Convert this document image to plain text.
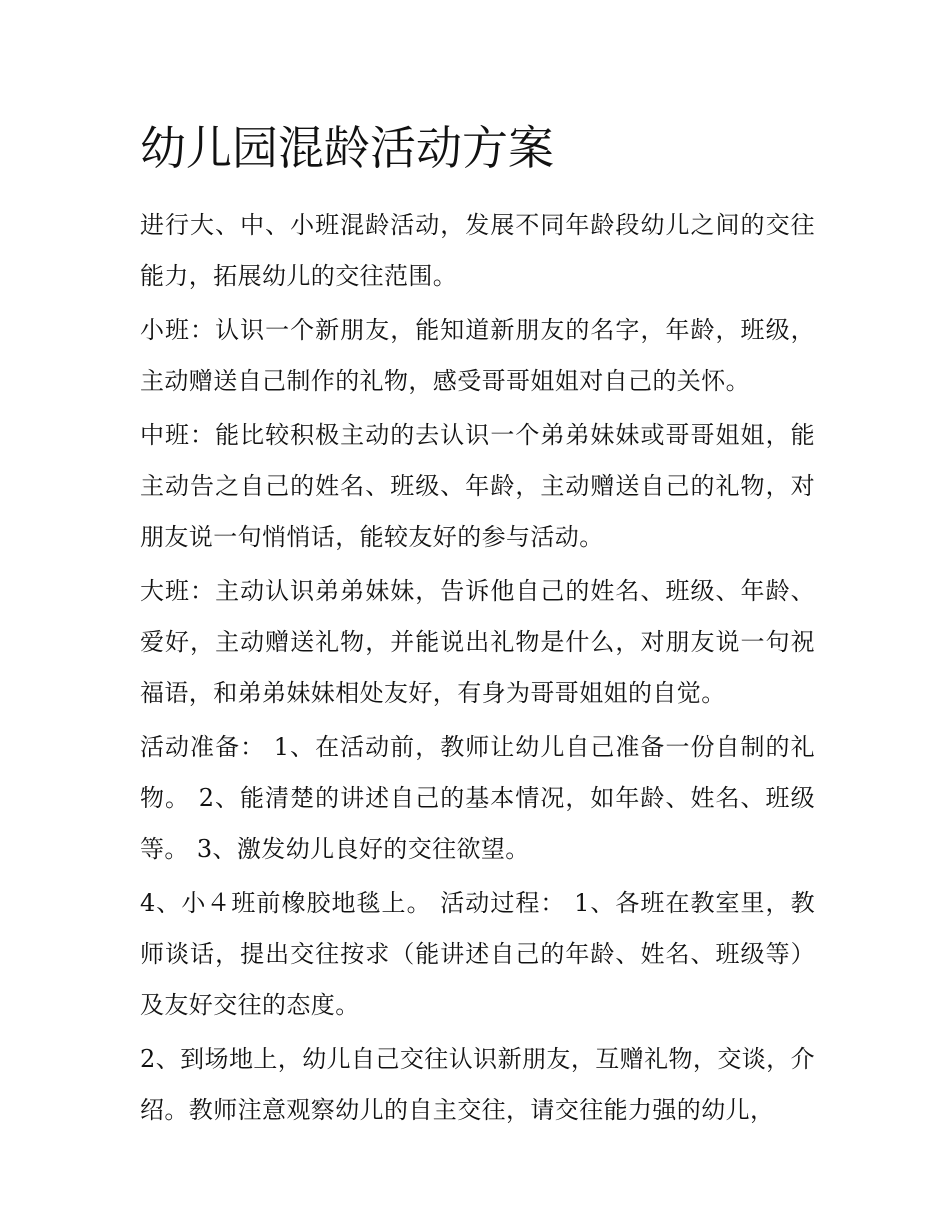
幼儿园混龄活动方案

进行大、中、小班混龄活动，发展不同年龄段幼儿之间的交往能力，拓展幼儿的交往范围。

小班：认识一个新朋友，能知道新朋友的名字，年龄，班级，主动赠送自己制作的礼物，感受哥哥姐姐对自己的关怀。

中班：能比较积极主动的去认识一个弟弟妹妹或哥哥姐姐，能主动告之自己的姓名、班级、年龄，主动赠送自己的礼物，对朋友说一句悄悄话，能较友好的参与活动。

大班：主动认识弟弟妹妹，告诉他自己的姓名、班级、年龄、爱好，主动赠送礼物，并能说出礼物是什么，对朋友说一句祝福语，和弟弟妹妹相处友好，有身为哥哥姐姐的自觉。

活动准备： 1、在活动前，教师让幼儿自己准备一份自制的礼物。 2、能清楚的讲述自己的基本情况，如年龄、姓名、班级等。 3、激发幼儿良好的交往欲望。

4、小４班前橡胶地毯上。 活动过程： 1、各班在教室里，教师谈话，提出交往按求（能讲述自己的年龄、姓名、班级等）及友好交往的态度。

2、到场地上，幼儿自己交往认识新朋友，互赠礼物，交谈，介绍。教师注意观察幼儿的自主交往，请交往能力强的幼儿，
